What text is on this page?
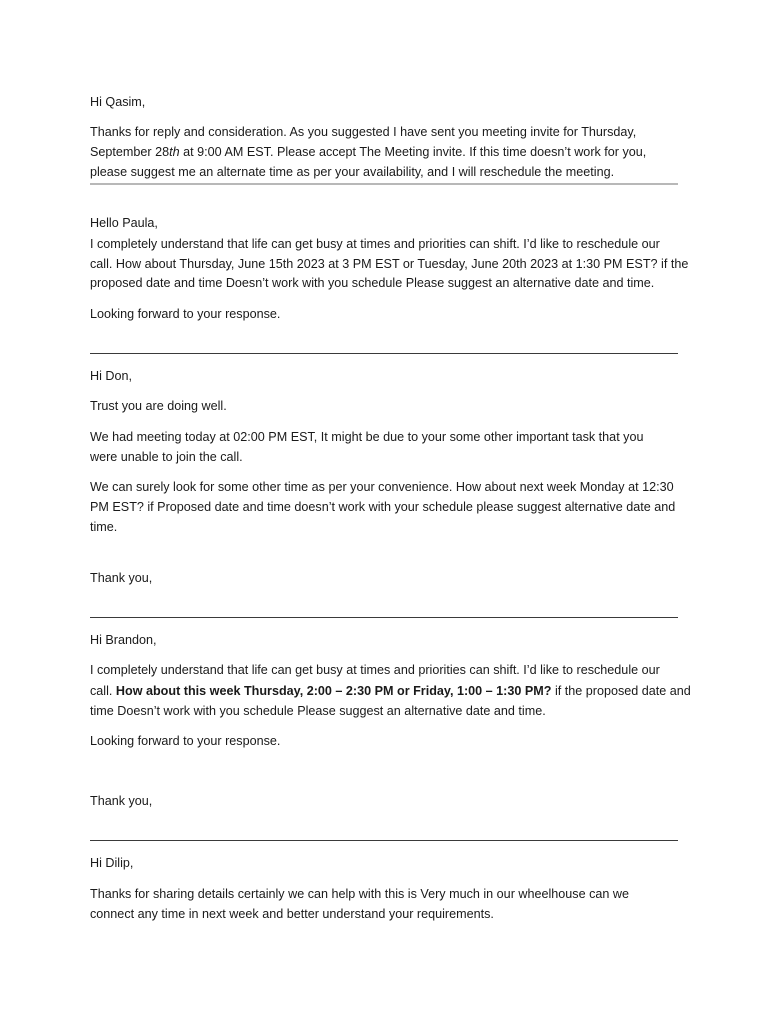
Hi Qasim,
Thanks for reply and consideration. As you suggested I have sent you meeting invite for Thursday,
September 28th at 9:00 AM EST. Please accept The Meeting invite. If this time doesn’t work for you,
please suggest me an alternate time as per your availability, and I will reschedule the meeting.
Hello Paula,
I completely understand that life can get busy at times and priorities can shift. I’d like to reschedule our
call. How about Thursday, June 15th 2023 at 3 PM EST or Tuesday, June 20th 2023 at 1:30 PM EST? if the
proposed date and time Doesn’t work with you schedule Please suggest an alternative date and time.
Looking forward to your response.
Hi Don,
Trust you are doing well.
We had meeting today at 02:00 PM EST, It might be due to your some other important task that you
were unable to join the call.
We can surely look for some other time as per your convenience. How about next week Monday at 12:30
PM EST? if Proposed date and time doesn’t work with your schedule please suggest alternative date and
time.
Thank you,
Hi Brandon,
I completely understand that life can get busy at times and priorities can shift. I’d like to reschedule our
call. How about this week Thursday, 2:00 – 2:30 PM or Friday, 1:00 – 1:30 PM? if the proposed date and
time Doesn’t work with you schedule Please suggest an alternative date and time.
Looking forward to your response.
Thank you,
Hi Dilip,
Thanks for sharing details certainly we can help with this is Very much in our wheelhouse can we
connect any time in next week and better understand your requirements.
